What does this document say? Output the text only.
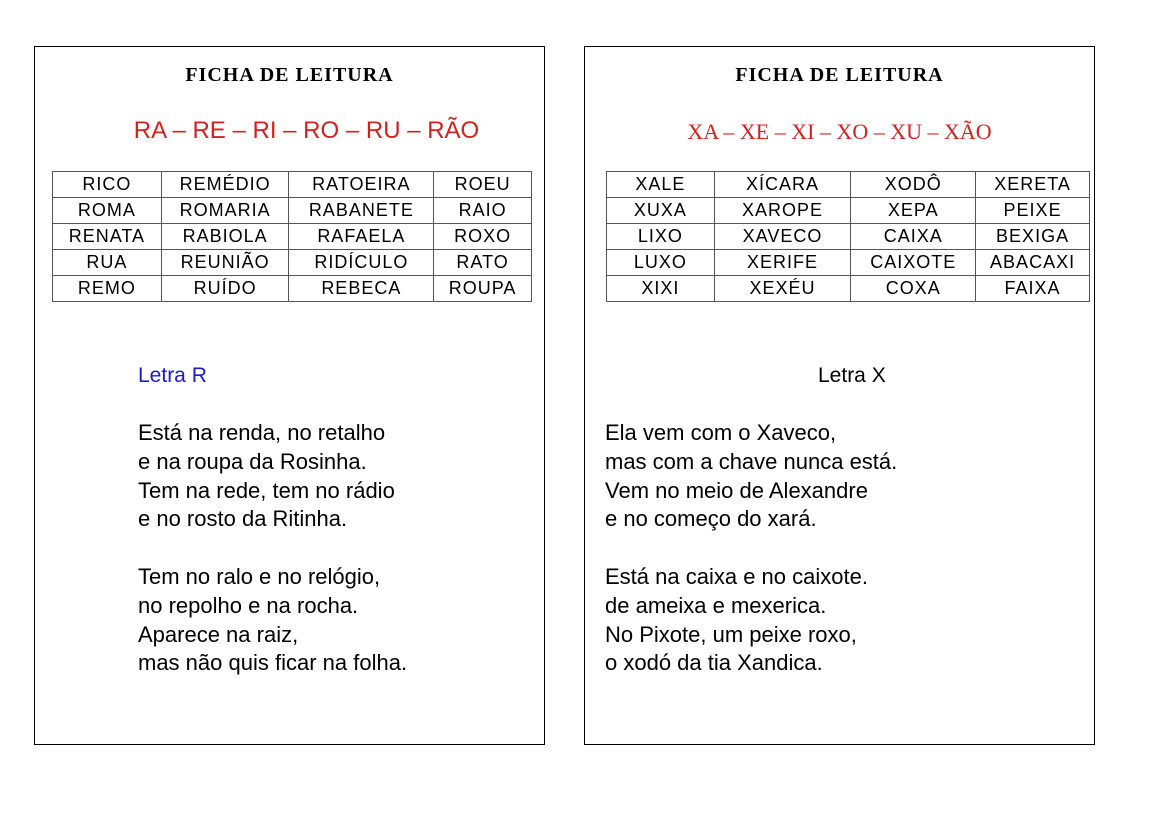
FICHA DE LEITURA
RA – RE – RI – RO – RU – RÃO
RICO	REMÉDIO	RATOEIRA	ROEU
ROMA	ROMARIA	RABANETE	RAIO
RENATA	RABIOLA	RAFAELA	ROXO
RUA	REUNIÃO	RIDÍCULO	RATO
REMO	RUÍDO	REBECA	ROUPA
Letra R
Está na renda, no retalho
e na roupa da Rosinha.
Tem na rede, tem no rádio
e no rosto da Ritinha.
Tem no ralo e no relógio,
no repolho e na rocha.
Aparece na raiz,
mas não quis ficar na folha.
FICHA DE LEITURA
XA – XE – XI – XO – XU – XÃO
XALE	XÍCARA	XODÔ	XERETA
XUXA	XAROPE	XEPA	PEIXE
LIXO	XAVECO	CAIXA	BEXIGA
LUXO	XERIFE	CAIXOTE	ABACAXI
XIXI	XEXÉU	COXA	FAIXA
Letra X
Ela vem com o Xaveco,
mas com a chave nunca está.
Vem no meio de Alexandre
e no começo do xará.
Está na caixa e no caixote.
de ameixa e mexerica.
No Pixote, um peixe roxo,
o xodó da tia Xandica.
